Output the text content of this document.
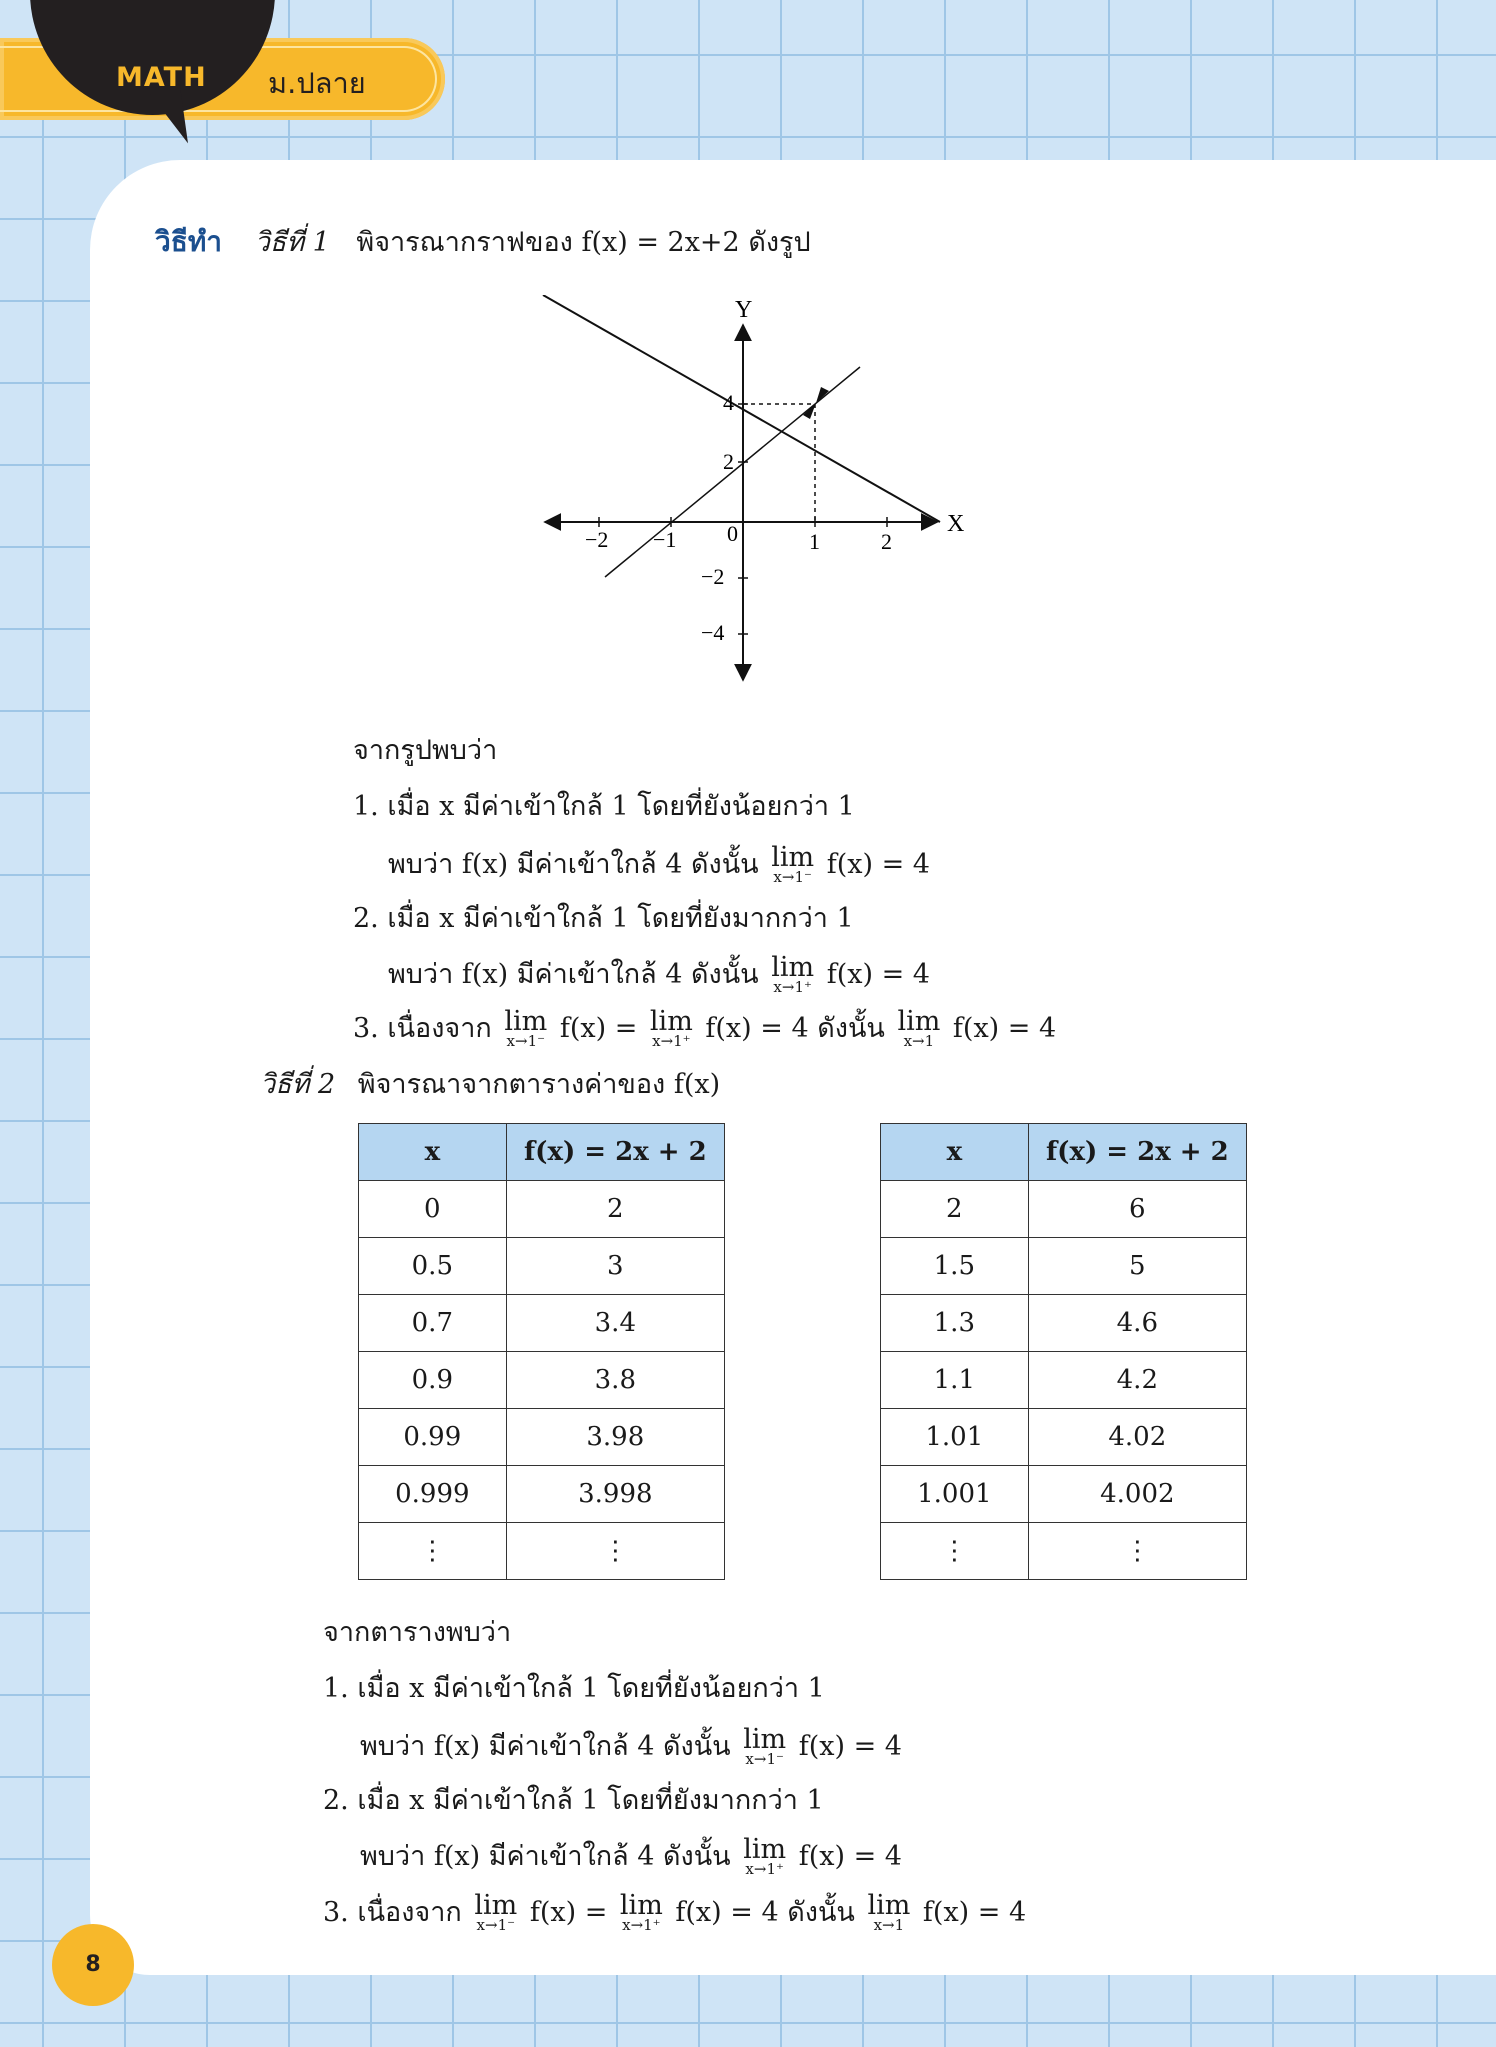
MATH ม.ปลาย
วิธีทำ วิธีที่ 1 พิจารณากราฟของ f(x) = 2x+2 ดังรูป
X
Y
−2 −1 0	1	2
4
2
−2
−4
จากรูปพบว่า
1. เมื่อ x มีค่าเข้าใกล้ 1 โดยที่ยังน้อยกว่า 1
พบว่า f(x) มีค่าเข้าใกล้ 4 ดังนั้น lim
x→1⁻ f(x) = 4
2. เมื่อ x มีค่าเข้าใกล้ 1 โดยที่ยังมากกว่า 1
พบว่า f(x) มีค่าเข้าใกล้ 4 ดังนั้น lim
x→1⁺ f(x) = 4
3. เนื่องจาก lim
x→1⁻ f(x) = lim
x→1⁺ f(x) = 4 ดังนั้น lim
x→1 f(x) = 4
วิธีที่ 2 พิจารณาจากตารางค่าของ f(x)
x	f(x) = 2x + 2
0	2
0.5	3
0.7	3.4
0.9	3.8
0.99	3.98
0.999	3.998
⋮	⋮
x	f(x) = 2x + 2
2	6
1.5	5
1.3	4.6
1.1	4.2
1.01	4.02
1.001	4.002
⋮	⋮
จากตารางพบว่า
1. เมื่อ x มีค่าเข้าใกล้ 1 โดยที่ยังน้อยกว่า 1
พบว่า f(x) มีค่าเข้าใกล้ 4 ดังนั้น lim
x→1⁻ f(x) = 4
2. เมื่อ x มีค่าเข้าใกล้ 1 โดยที่ยังมากกว่า 1
พบว่า f(x) มีค่าเข้าใกล้ 4 ดังนั้น lim
x→1⁺ f(x) = 4
3. เนื่องจาก lim
x→1⁻ f(x) = lim
x→1⁺ f(x) = 4 ดังนั้น lim
x→1 f(x) = 4
8
